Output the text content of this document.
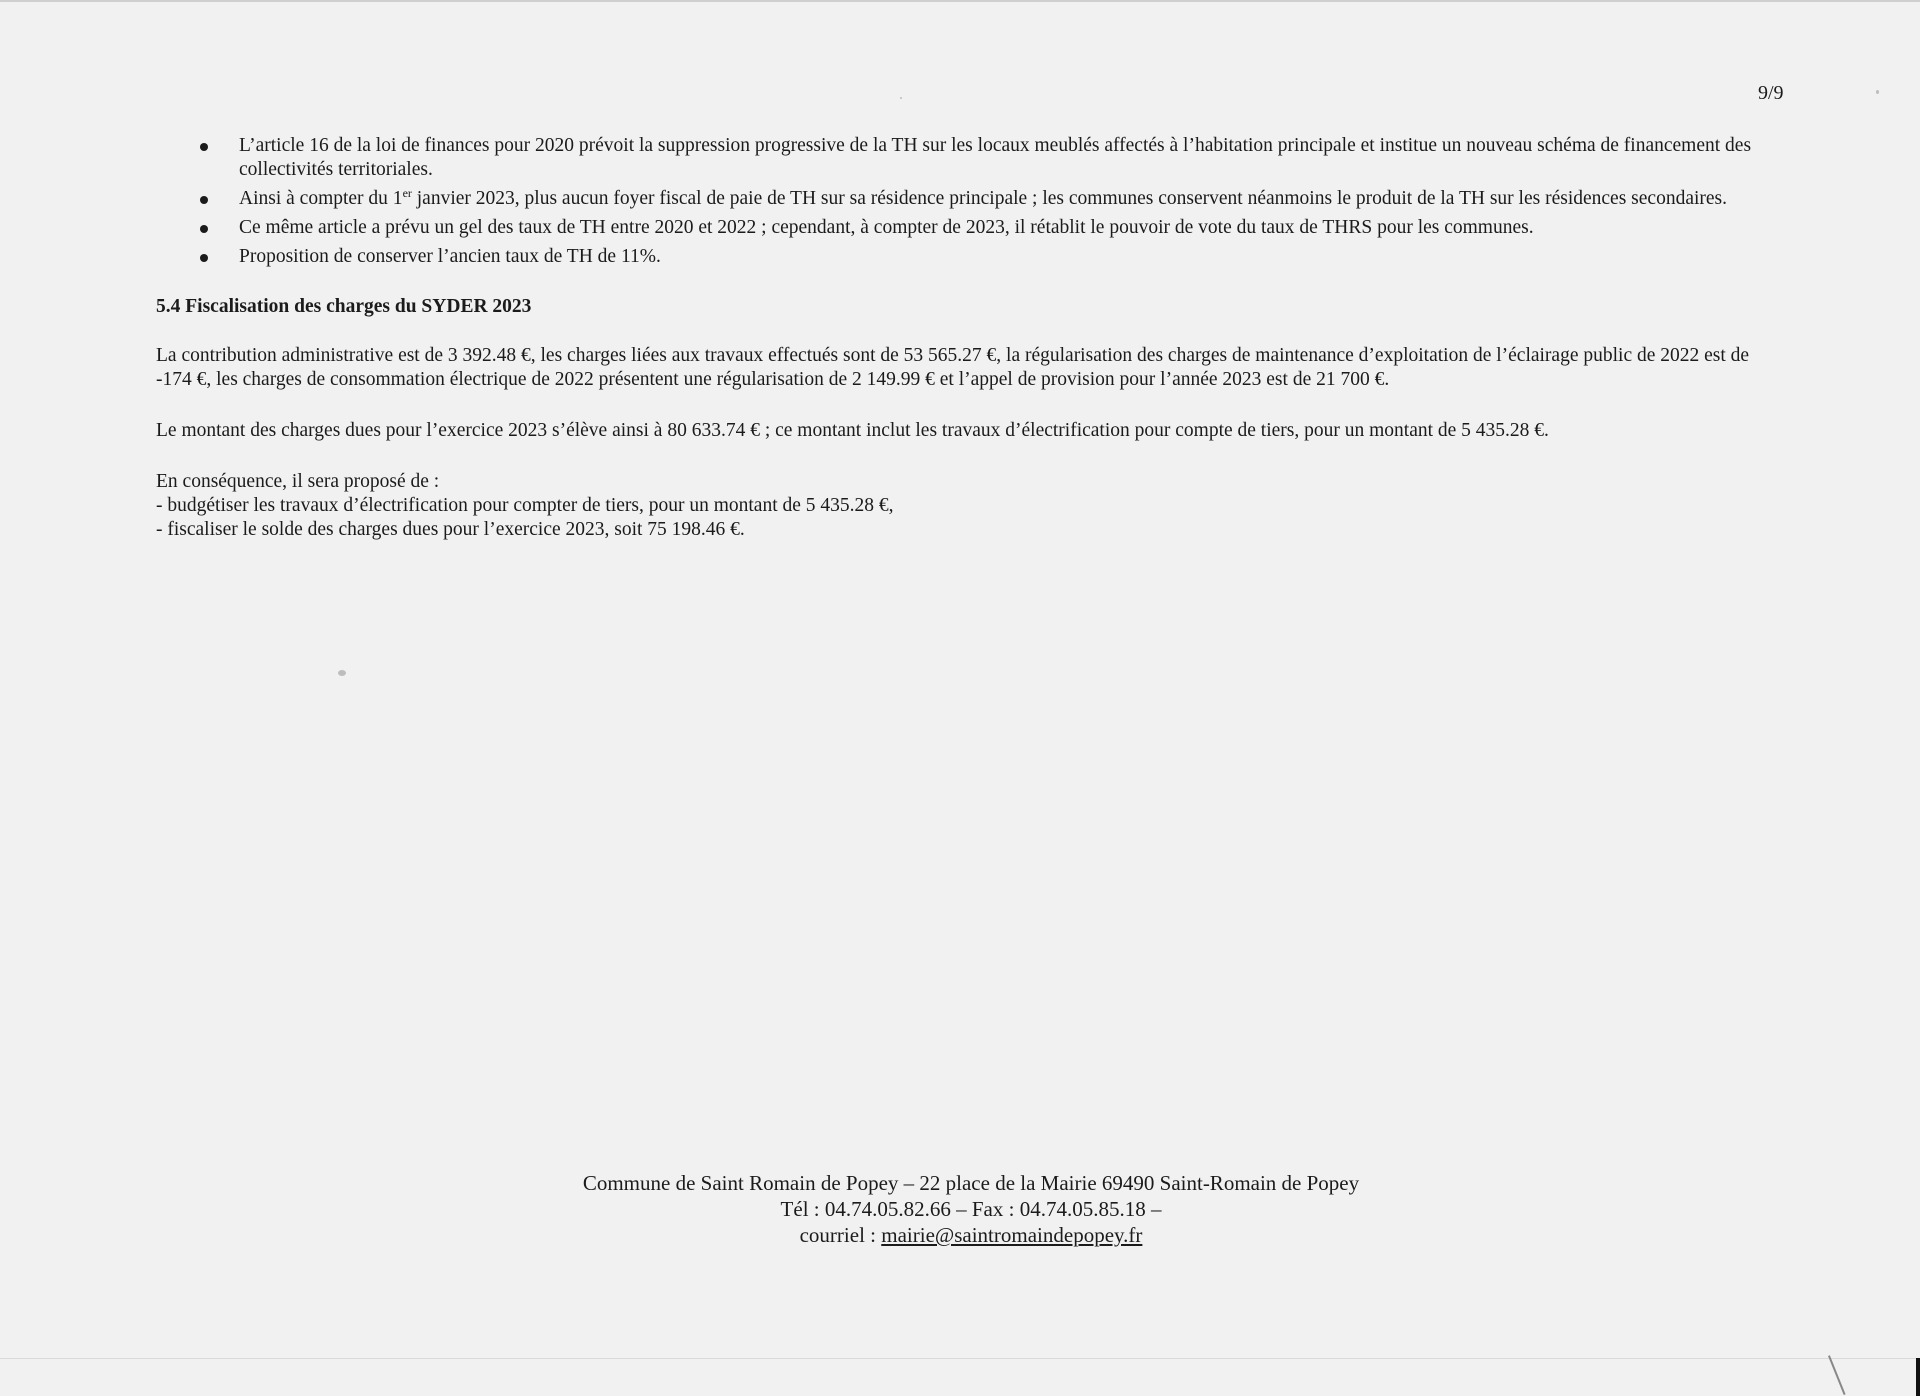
9/9
L’article 16 de la loi de finances pour 2020 prévoit la suppression progressive de la TH sur les locaux meublés affectés à l’habitation principale et institue un nouveau schéma de financement des collectivités territoriales.
Ainsi à compter du 1er janvier 2023, plus aucun foyer fiscal de paie de TH sur sa résidence principale ; les communes conservent néanmoins le produit de la TH sur les résidences secondaires.
Ce même article a prévu un gel des taux de TH entre 2020 et 2022 ; cependant, à compter de 2023, il rétablit le pouvoir de vote du taux de THRS pour les communes.
Proposition de conserver l’ancien taux de TH de 11%.
5.4 Fiscalisation des charges du SYDER 2023

La contribution administrative est de 3 392.48 €, les charges liées aux travaux effectués sont de 53 565.27 €, la régularisation des charges de maintenance d’exploitation de l’éclairage public de 2022 est de -174 €, les charges de consommation électrique de 2022 présentent une régularisation de 2 149.99 € et l’appel de provision pour l’année 2023 est de 21 700 €.

Le montant des charges dues pour l’exercice 2023 s’élève ainsi à 80 633.74 € ; ce montant inclut les travaux d’électrification pour compte de tiers, pour un montant de 5 435.28 €.

En conséquence, il sera proposé de :
- budgétiser les travaux d’électrification pour compter de tiers, pour un montant de 5 435.28 €,
- fiscaliser le solde des charges dues pour l’exercice 2023, soit 75 198.46 €.
Commune de Saint Romain de Popey – 22 place de la Mairie 69490 Saint-Romain de Popey
Tél : 04.74.05.82.66 – Fax : 04.74.05.85.18 –
courriel : mairie@saintromaindepopey.fr
